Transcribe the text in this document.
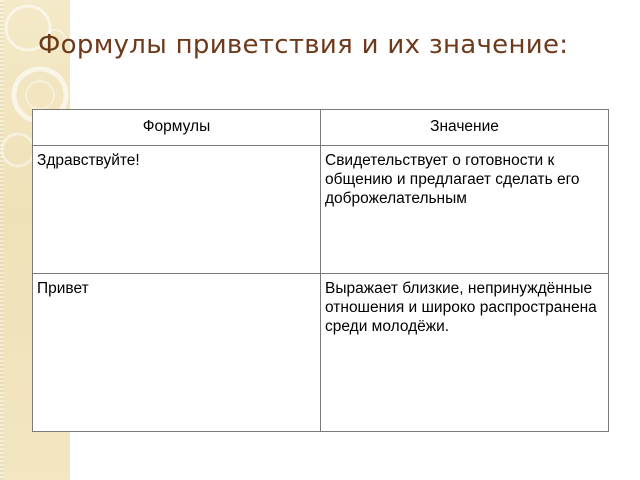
Формулы приветствия и их значение:
Формулы	Значение
Здравствуйте!	Свидетельствует о готовности к общению и предлагает сделать его доброжелательным
Привет	Выражает близкие, непринуждённые отношения и широко распространена среди молодёжи.
